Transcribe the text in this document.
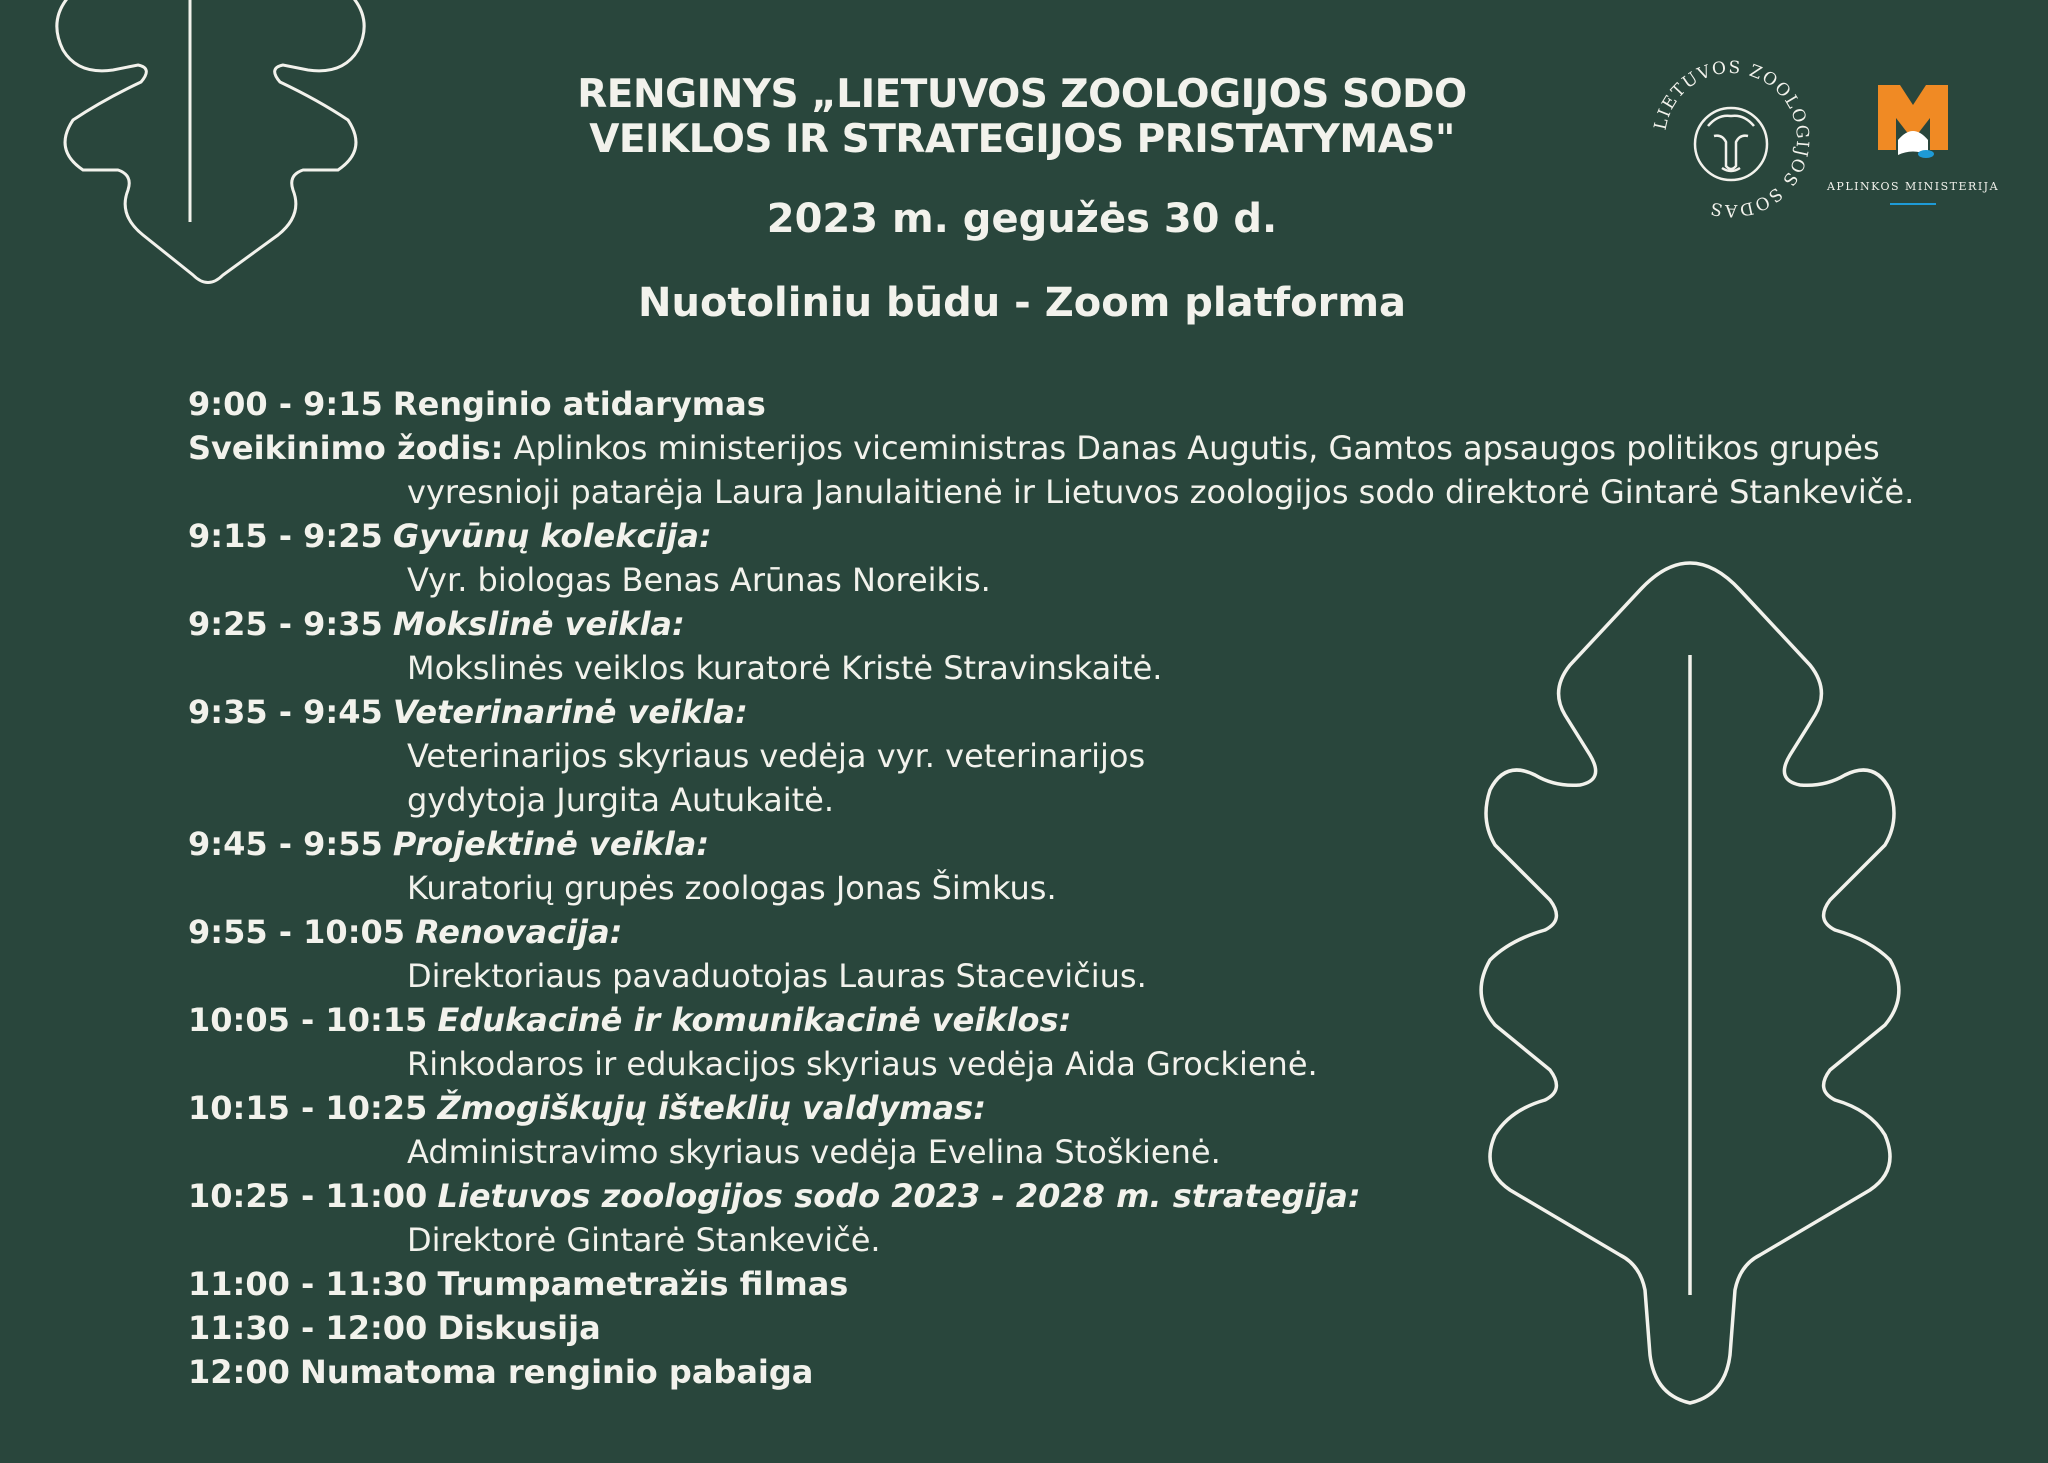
RENGINYS „LIETUVOS ZOOLOGIJOS SODO
VEIKLOS IR STRATEGIJOS PRISTATYMAS"
2023 m. gegužės 30 d.
Nuotoliniu būdu - Zoom platforma
LIETUVOS ZOOLOGIJOS SODAS
APLINKOS MINISTERIJA
9:00 - 9:15 Renginio atidarymas
Sveikinimo žodis: Aplinkos ministerijos viceministras Danas Augutis, Gamtos apsaugos politikos grupės
vyresnioji patarėja Laura Janulaitienė ir Lietuvos zoologijos sodo direktorė Gintarė Stankevičė.
9:15 - 9:25 Gyvūnų kolekcija:
Vyr. biologas Benas Arūnas Noreikis.
9:25 - 9:35 Mokslinė veikla:
Mokslinės veiklos kuratorė Kristė Stravinskaitė.
9:35 - 9:45 Veterinarinė veikla:
Veterinarijos skyriaus vedėja vyr. veterinarijos
gydytoja Jurgita Autukaitė.
9:45 - 9:55 Projektinė veikla:
Kuratorių grupės zoologas Jonas Šimkus.
9:55 - 10:05 Renovacija:
Direktoriaus pavaduotojas Lauras Stacevičius.
10:05 - 10:15 Edukacinė ir komunikacinė veiklos:
Rinkodaros ir edukacijos skyriaus vedėja Aida Grockienė.
10:15 - 10:25 Žmogiškųjų išteklių valdymas:
Administravimo skyriaus vedėja Evelina Stoškienė.
10:25 - 11:00 Lietuvos zoologijos sodo 2023 - 2028 m. strategija:
Direktorė Gintarė Stankevičė.
11:00 - 11:30 Trumpametražis filmas
11:30 - 12:00 Diskusija
12:00 Numatoma renginio pabaiga
